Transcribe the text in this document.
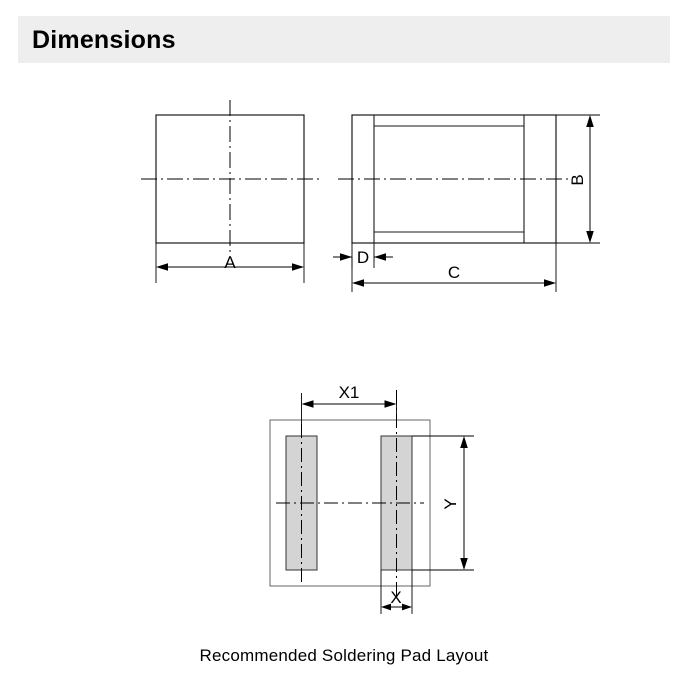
Dimensions
A
B
D
C
X1
Y
X
Recommended Soldering Pad Layout
